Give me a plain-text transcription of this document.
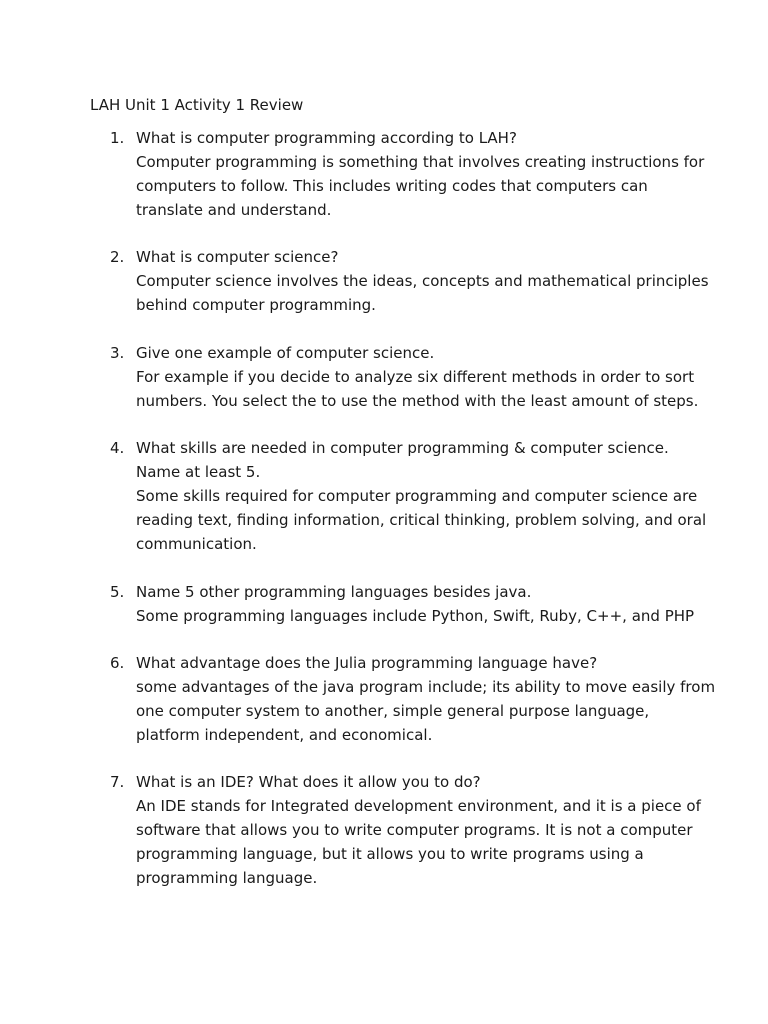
LAH Unit 1 Activity 1 Review
1. What is computer programming according to LAH?
Computer programming is something that involves creating instructions for
computers to follow. This includes writing codes that computers can
translate and understand.
2. What is computer science?
Computer science involves the ideas, concepts and mathematical principles
behind computer programming.
3. Give one example of computer science.
For example if you decide to analyze six different methods in order to sort
numbers. You select the to use the method with the least amount of steps.
4. What skills are needed in computer programming & computer science.
Name at least 5.
Some skills required for computer programming and computer science are
reading text, finding information, critical thinking, problem solving, and oral
communication.
5. Name 5 other programming languages besides java.
Some programming languages include Python, Swift, Ruby, C++, and PHP
6. What advantage does the Julia programming language have?
some advantages of the java program include; its ability to move easily from
one computer system to another, simple general purpose language,
platform independent, and economical.
7. What is an IDE? What does it allow you to do?
An IDE stands for Integrated development environment, and it is a piece of
software that allows you to write computer programs. It is not a computer
programming language, but it allows you to write programs using a
programming language.
